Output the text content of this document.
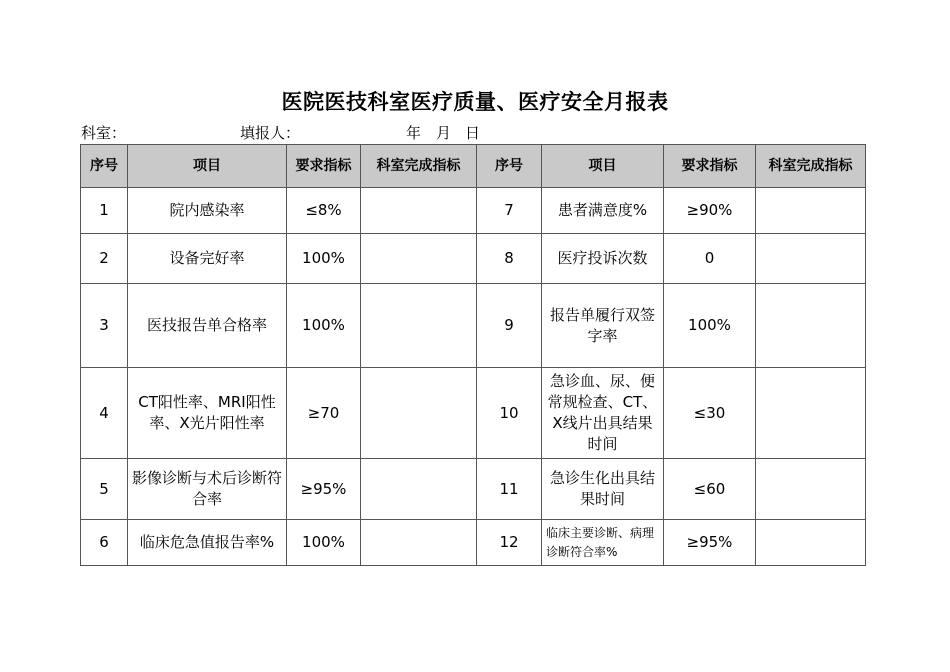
医院医技科室医疗质量、医疗安全月报表
科室：	填报人：	年 月 日
序号	项目	要求指标	科室完成指标	序号	项目	要求指标	科室完成指标
1	院内感染率	≤8%		7	患者满意度%	≥90%	
2	设备完好率	100%		8	医疗投诉次数	0	
3	医技报告单合格率	100%		9	报告单履行双签字率	100%	
4	CT阳性率、MRI阳性率、X光片阳性率	≥70		10	急诊血、尿、便常规检查、CT、X线片出具结果时间	≤30	
5	影像诊断与术后诊断符合率	≥95%		11	急诊生化出具结果时间	≤60	
6	临床危急值报告率%	100%		12	临床主要诊断、病理诊断符合率%	≥95%	
